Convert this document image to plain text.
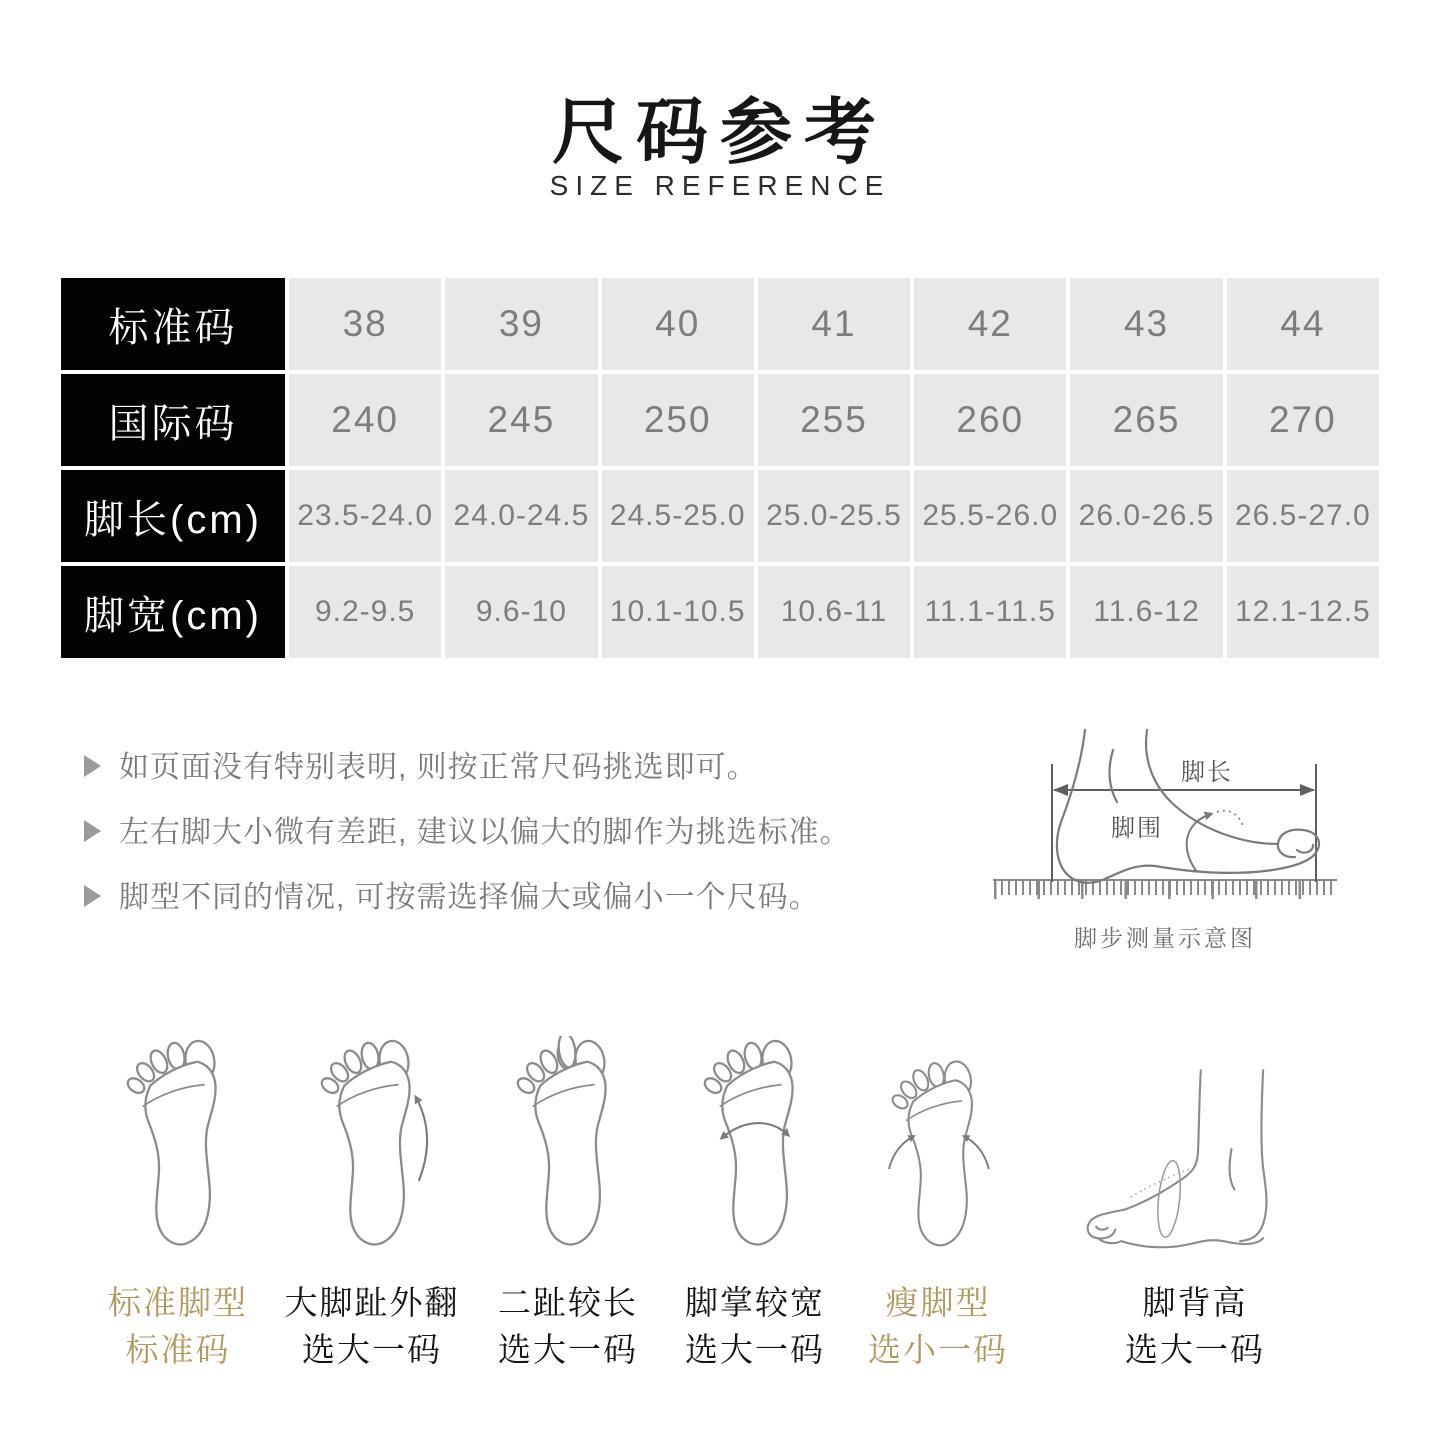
尺码参考
SIZE REFERENCE
标准码	38	39	40	41	42	43	44
国际码	240	245	250	255	260	265	270
脚长(cm)	23.5-24.0	24.0-24.5	24.5-25.0	25.0-25.5	25.5-26.0	26.0-26.5	26.5-27.0
脚宽(cm)	9.2-9.5	9.6-10	10.1-10.5	10.6-11	11.1-11.5	11.6-12	12.1-12.5
如页面没有特别表明, 则按正常尺码挑选即可。
左右脚大小微有差距, 建议以偏大的脚作为挑选标准。
脚型不同的情况, 可按需选择偏大或偏小一个尺码。
脚长
脚围
脚步测量示意图
标准脚型
标准码
大脚趾外翻
选大一码
二趾较长
选大一码
脚掌较宽
选大一码
瘦脚型
选小一码
脚背高
选大一码
